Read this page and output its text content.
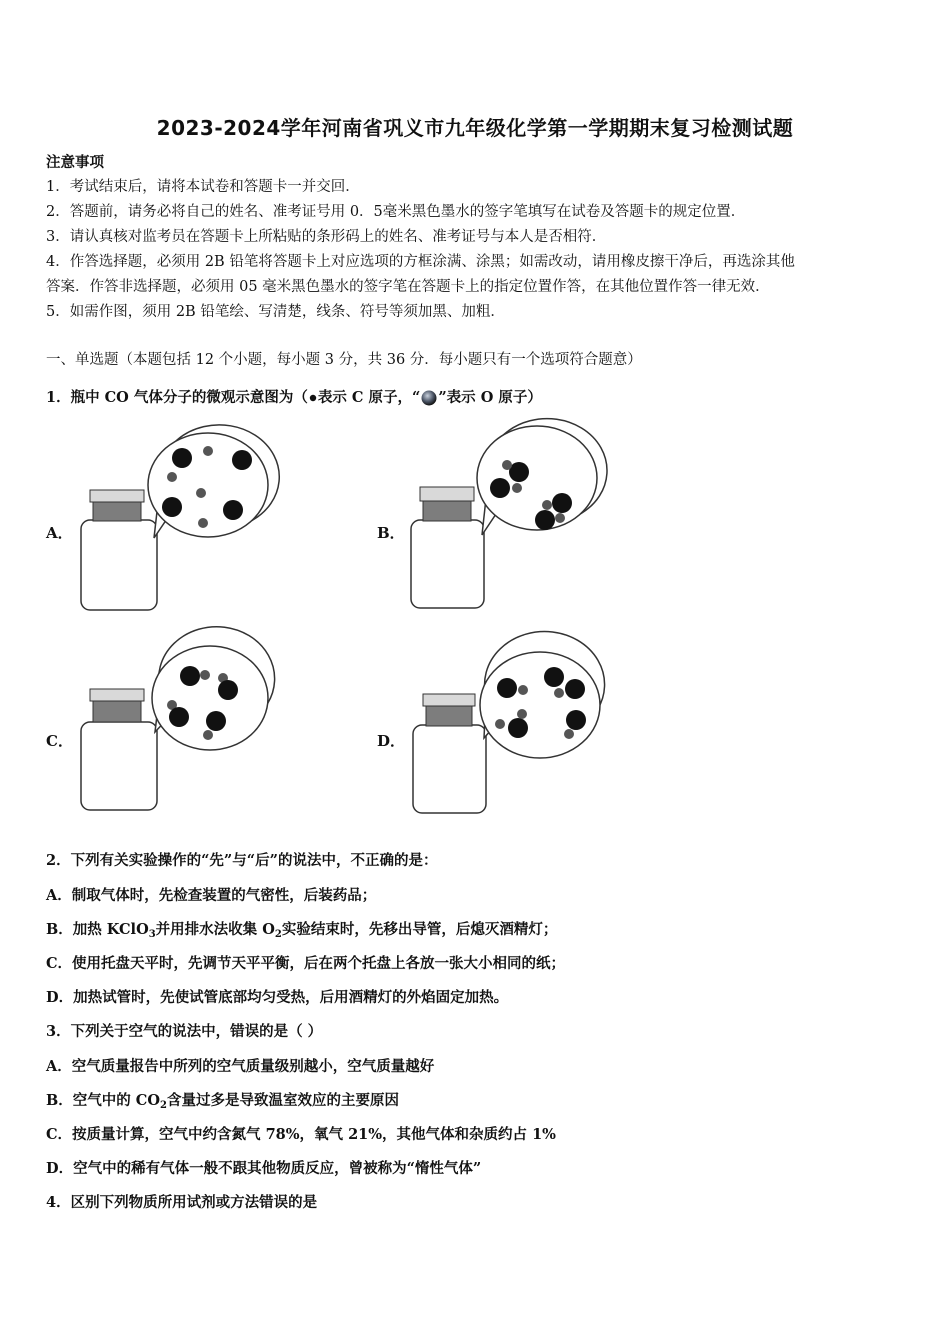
2023-2024学年河南省巩义市九年级化学第一学期期末复习检测试题
注意事项
1．考试结束后，请将本试卷和答题卡一并交回．
2．答题前，请务必将自己的姓名、准考证号用 0．5毫米黑色墨水的签字笔填写在试卷及答题卡的规定位置．
3．请认真核对监考员在答题卡上所粘贴的条形码上的姓名、准考证号与本人是否相符．
4．作答选择题，必须用 2B 铅笔将答题卡上对应选项的方框涂满、涂黑；如需改动，请用橡皮擦干净后，再选涂其他
答案．作答非选择题，必须用 05 毫米黑色墨水的签字笔在答题卡上的指定位置作答，在其他位置作答一律无效．
5．如需作图，须用 2B 铅笔绘、写清楚，线条、符号等须加黑、加粗．
一、单选题（本题包括 12 个小题，每小题 3 分，共 36 分．每小题只有一个选项符合题意）
1．瓶中 CO 气体分子的微观示意图为（ 表示 C 原子，“ ”表示 O 原子）
A．	B．
C．	D．
2．下列有关实验操作的“先”与“后”的说法中，不正确的是：
A．制取气体时，先检查装置的气密性，后装药品；
B．加热 KClO$_3$并用排水法收集 $O_2$实验结束时，先移出导管，后熄灭酒精灯；
C．使用托盘天平时，先调节天平平衡，后在两个托盘上各放一张大小相同的纸；
D．加热试管时，先使试管底部均匀受热，后用酒精灯的外焰固定加热。
3．下列关于空气的说法中，错误的是（ ）
A．空气质量报告中所列的空气质量级别越小，空气质量越好
B．空气中的 $CO_2$含量过多是导致温室效应的主要原因
C．按质量计算，空气中约含氮气 78%，氧气 21%，其他气体和杂质约占 1%
D．空气中的稀有气体一般不跟其他物质反应，曾被称为“惰性气体”
4．区别下列物质所用试剂或方法错误的是
